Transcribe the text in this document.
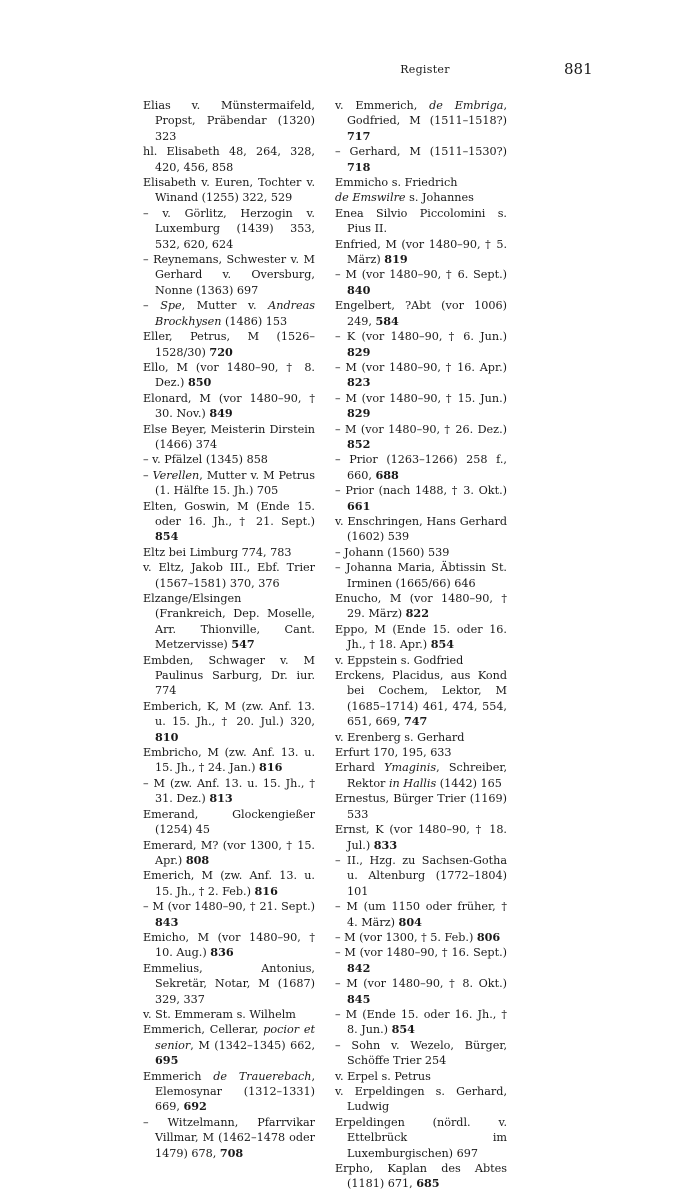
Register	881

Elias v. Münstermaifeld, Propst, Präbendar (1320) 323

hl. Elisabeth 48, 264, 328, 420, 456, 858

Elisabeth v. Euren, Tochter v. Winand (1255) 322, 529

– v. Görlitz, Herzogin v. Luxemburg (1439) 353, 532, 620, 624

– Reynemans, Schwester v. M Gerhard v. Oversburg, Nonne (1363) 697

– Spe, Mutter v. Andreas Brockhysen (1486) 153

Eller, Petrus, M (1526–1528/30) 720

Ello, M (vor 1480–90, † 8. Dez.) 850

Elonard, M (vor 1480–90, † 30. Nov.) 849

Else Beyer, Meisterin Dirstein (1466) 374

– v. Pfälzel (1345) 858

– Verellen, Mutter v. M Petrus (1. Hälfte 15. Jh.) 705

Elten, Goswin, M (Ende 15. oder 16. Jh., † 21. Sept.) 854

Eltz bei Limburg 774, 783

v. Eltz, Jakob III., Ebf. Trier (1567–1581) 370, 376

Elzange/Elsingen (Frankreich, Dep. Moselle, Arr. Thionville, Cant. Metzervisse) 547

Embden, Schwager v. M Paulinus Sarburg, Dr. iur. 774

Emberich, K, M (zw. Anf. 13. u. 15. Jh., † 20. Jul.) 320, 810

Embricho, M (zw. Anf. 13. u. 15. Jh., † 24. Jan.) 816

– M (zw. Anf. 13. u. 15. Jh., † 31. Dez.) 813

Emerand, Glockengießer (1254) 45

Emerard, M? (vor 1300, † 15. Apr.) 808

Emerich, M (zw. Anf. 13. u. 15. Jh., † 2. Feb.) 816

– M (vor 1480–90, † 21. Sept.) 843

Emicho, M (vor 1480–90, † 10. Aug.) 836

Emmelius, Antonius, Sekretär, Notar, M (1687) 329, 337

v. St. Emmeram s. Wilhelm

Emmerich, Cellerar, pocior et senior, M (1342–1345) 662, 695

Emmerich de Trauerebach, Elemosynar (1312–1331) 669, 692

– Witzelmann, Pfarrvikar Villmar, M (1462–1478 oder 1479) 678, 708

v. Emmerich, de Embriga, Godfried, M (1511–1518?) 717

– Gerhard, M (1511–1530?) 718

Emmicho s. Friedrich

de Emswilre s. Johannes

Enea Silvio Piccolomini s. Pius II.

Enfried, M (vor 1480–90, † 5. März) 819

– M (vor 1480–90, † 6. Sept.) 840

Engelbert, ?Abt (vor 1006) 249, 584

– K (vor 1480–90, † 6. Jun.) 829

– M (vor 1480–90, † 16. Apr.) 823

– M (vor 1480–90, † 15. Jun.) 829

– M (vor 1480–90, † 26. Dez.) 852

– Prior (1263–1266) 258 f., 660, 688

– Prior (nach 1488, † 3. Okt.) 661

v. Enschringen, Hans Gerhard (1602) 539

– Johann (1560) 539

– Johanna Maria, Äbtissin St. Irminen (1665/66) 646

Enucho, M (vor 1480–90, † 29. März) 822

Eppo, M (Ende 15. oder 16. Jh., † 18. Apr.) 854

v. Eppstein s. Godfried

Erckens, Placidus, aus Kond bei Cochem, Lektor, M (1685–1714) 461, 474, 554, 651, 669, 747

v. Erenberg s. Gerhard

Erfurt 170, 195, 633

Erhard Ymaginis, Schreiber, Rektor in Hallis (1442) 165

Ernestus, Bürger Trier (1169) 533

Ernst, K (vor 1480–90, † 18. Jul.) 833

– II., Hzg. zu Sachsen-Gotha u. Altenburg (1772–1804) 101

– M (um 1150 oder früher, † 4. März) 804

– M (vor 1300, † 5. Feb.) 806

– M (vor 1480–90, † 16. Sept.) 842

– M (vor 1480–90, † 8. Okt.) 845

– M (Ende 15. oder 16. Jh., † 8. Jun.) 854

– Sohn v. Wezelo, Bürger, Schöffe Trier 254

v. Erpel s. Petrus

v. Erpeldingen s. Gerhard, Ludwig

Erpeldingen (nördl. v. Ettelbrück im Luxemburgischen) 697

Erpho, Kaplan des Abtes (1181) 671, 685
